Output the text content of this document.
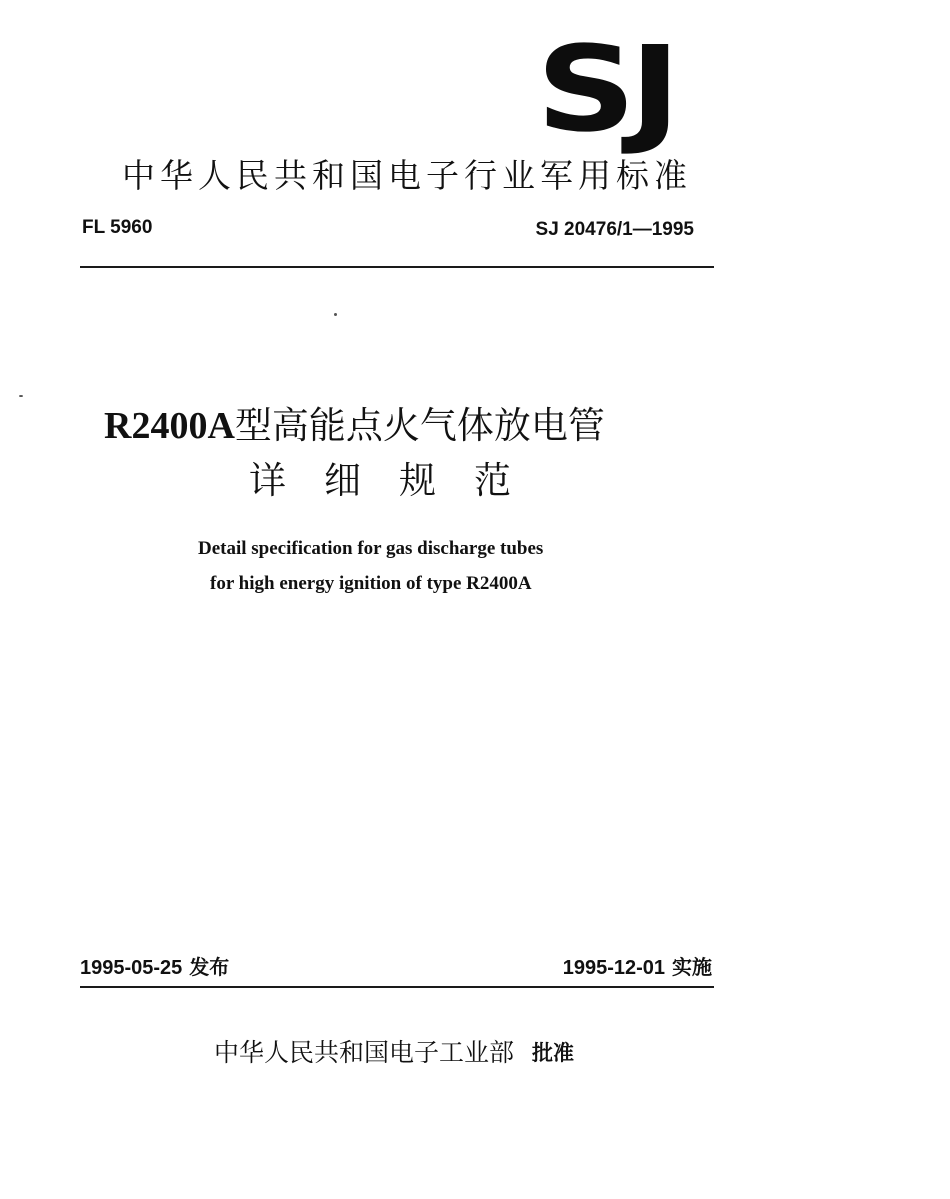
SJ
中华人民共和国电子行业军用标准
FL 5960	SJ 20476/1—1995
R2400A型高能点火气体放电管
详细规范
Detail specification for gas discharge tubes
for high energy ignition of type R2400A
1995-05-25 发布	1995-12-01 实施
中华人民共和国电子工业部 批准
